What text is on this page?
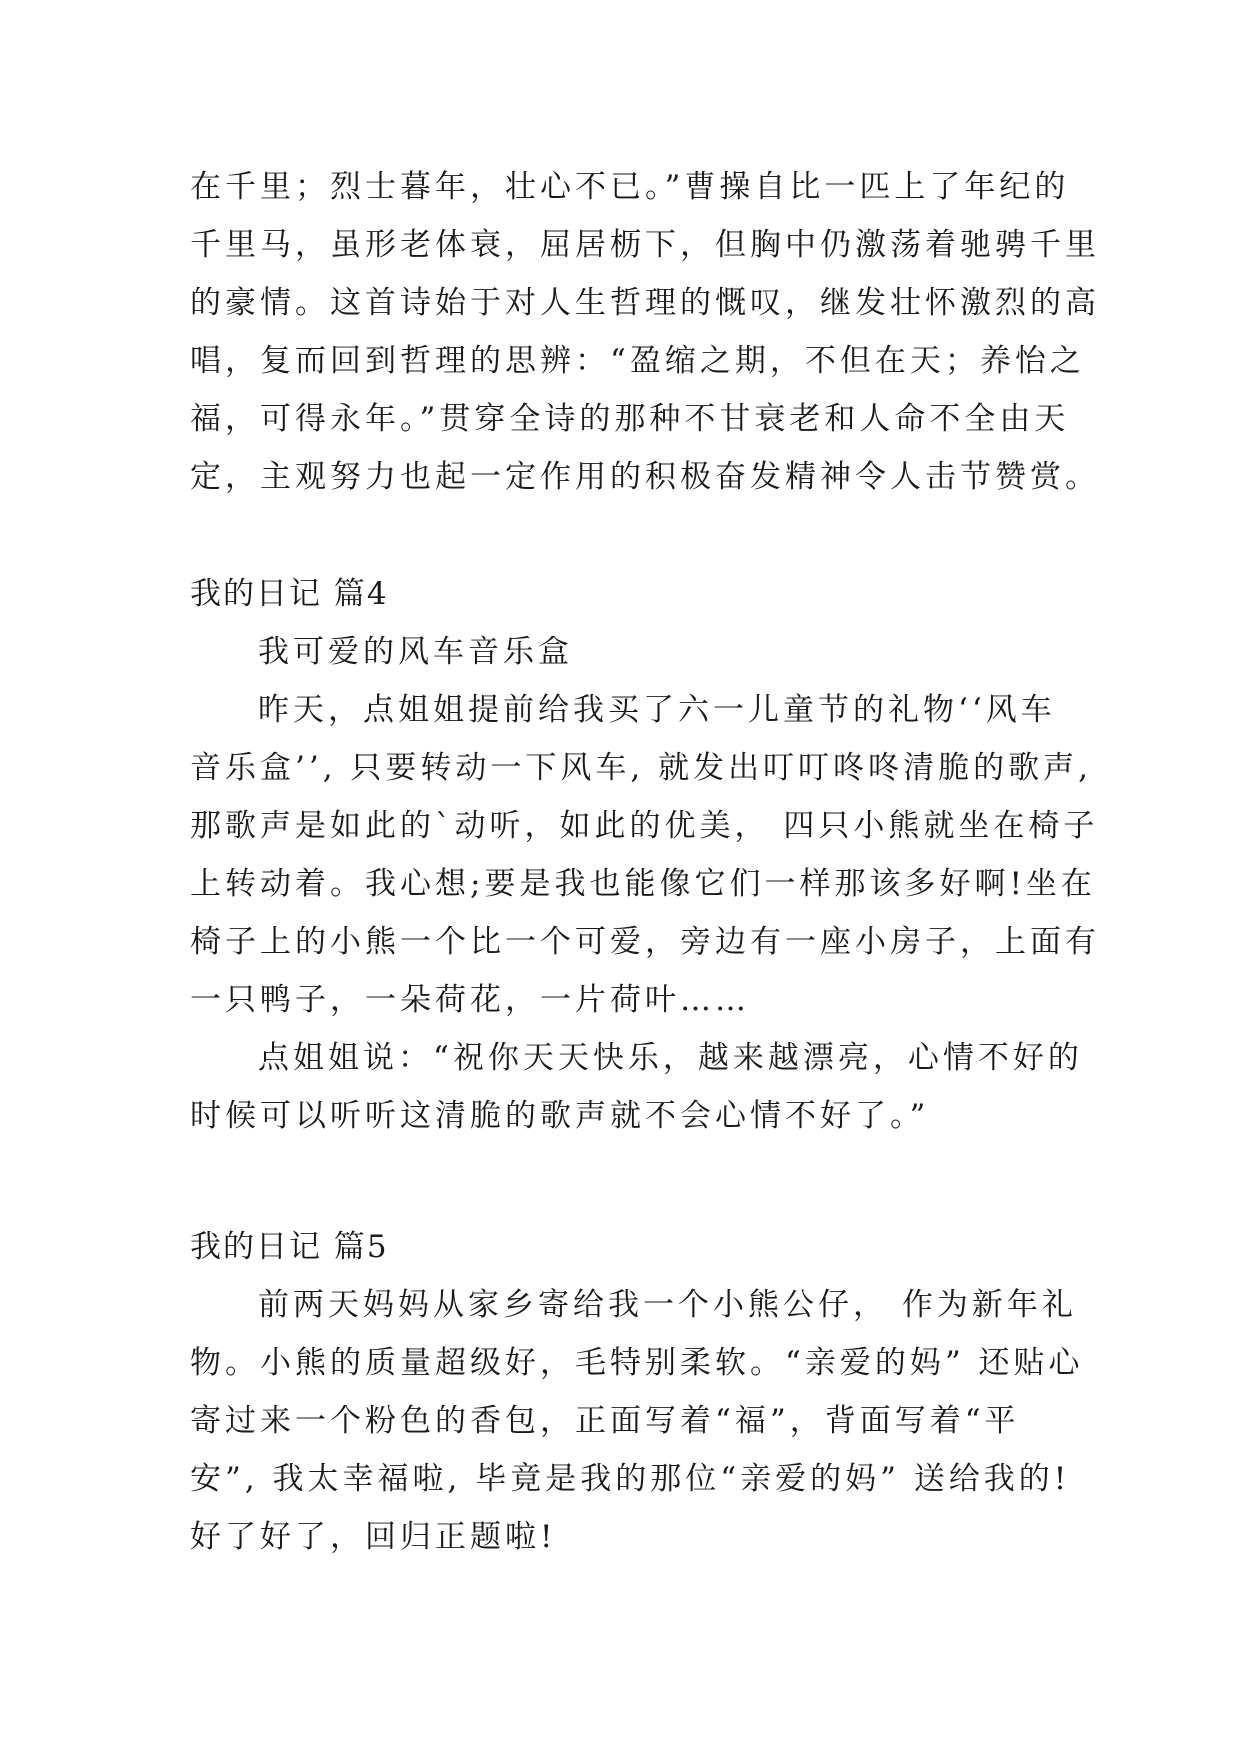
在千里；烈士暮年，壮心不已。”曹操自比一匹上了年纪的
千里马，虽形老体衰，屈居枥下，但胸中仍激荡着驰骋千里
的豪情。这首诗始于对人生哲理的慨叹，继发壮怀激烈的高
唱，复而回到哲理的思辨：“盈缩之期，不但在天；养怡之
福，可得永年。”贯穿全诗的那种不甘衰老和人命不全由天
定，主观努力也起一定作用的积极奋发精神令人击节赞赏。
我的日记 篇4
我可爱的风车音乐盒
昨天，点姐姐提前给我买了六一儿童节的礼物‘‘风车
音乐盒’’, 只要转动一下风车, 就发出叮叮咚咚清脆的歌声,
那歌声是如此的`动听，如此的优美， 四只小熊就坐在椅子
上转动着。我心想;要是我也能像它们一样那该多好啊!坐在
椅子上的小熊一个比一个可爱，旁边有一座小房子，上面有
一只鸭子，一朵荷花，一片荷叶……
点姐姐说：“祝你天天快乐，越来越漂亮，心情不好的
时候可以听听这清脆的歌声就不会心情不好了。”
我的日记 篇5
前两天妈妈从家乡寄给我一个小熊公仔， 作为新年礼
物。小熊的质量超级好，毛特别柔软。“亲爱的妈” 还贴心
寄过来一个粉色的香包，正面写着“福”，背面写着“平
安”, 我太幸福啦, 毕竟是我的那位“亲爱的妈” 送给我的!
好了好了，回归正题啦!
